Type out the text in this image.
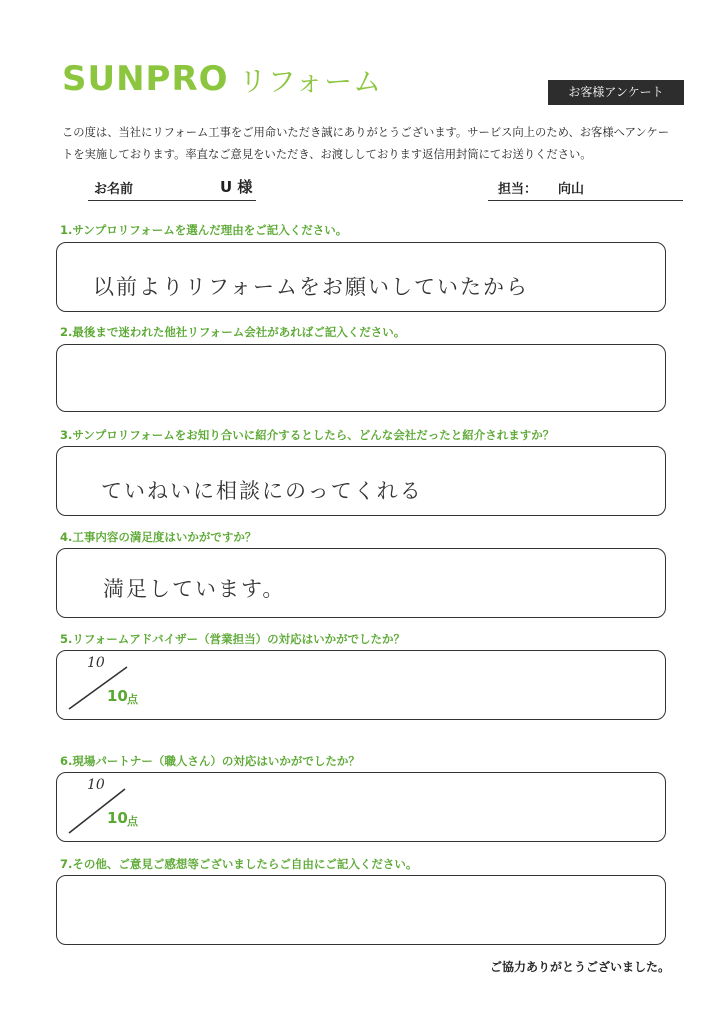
SUNPRO リフォーム	お客様アンケート
この度は、当社にリフォーム工事をご用命いただき誠にありがとうございます。サービス向上のため、お客様へアンケー
トを実施しております。率直なご意見をいただき、お渡ししております返信用封筒にてお送りください。
お名前	U 様	担当： 向山
1.サンプロリフォームを選んだ理由をご記入ください。
以前よりリフォームをお願いしていたから
2.最後まで迷われた他社リフォーム会社があればご記入ください。
3.サンプロリフォームをお知り合いに紹介するとしたら、どんな会社だったと紹介されますか？
ていねいに相談にのってくれる
4.工事内容の満足度はいかがですか？
満足しています。
5.リフォームアドバイザー（営業担当）の対応はいかがでしたか？
10
10 点
6.現場パートナー（職人さん）の対応はいかがでしたか？
10
10 点
7.その他、ご意見ご感想等ございましたらご自由にご記入ください。
ご協力ありがとうございました。
